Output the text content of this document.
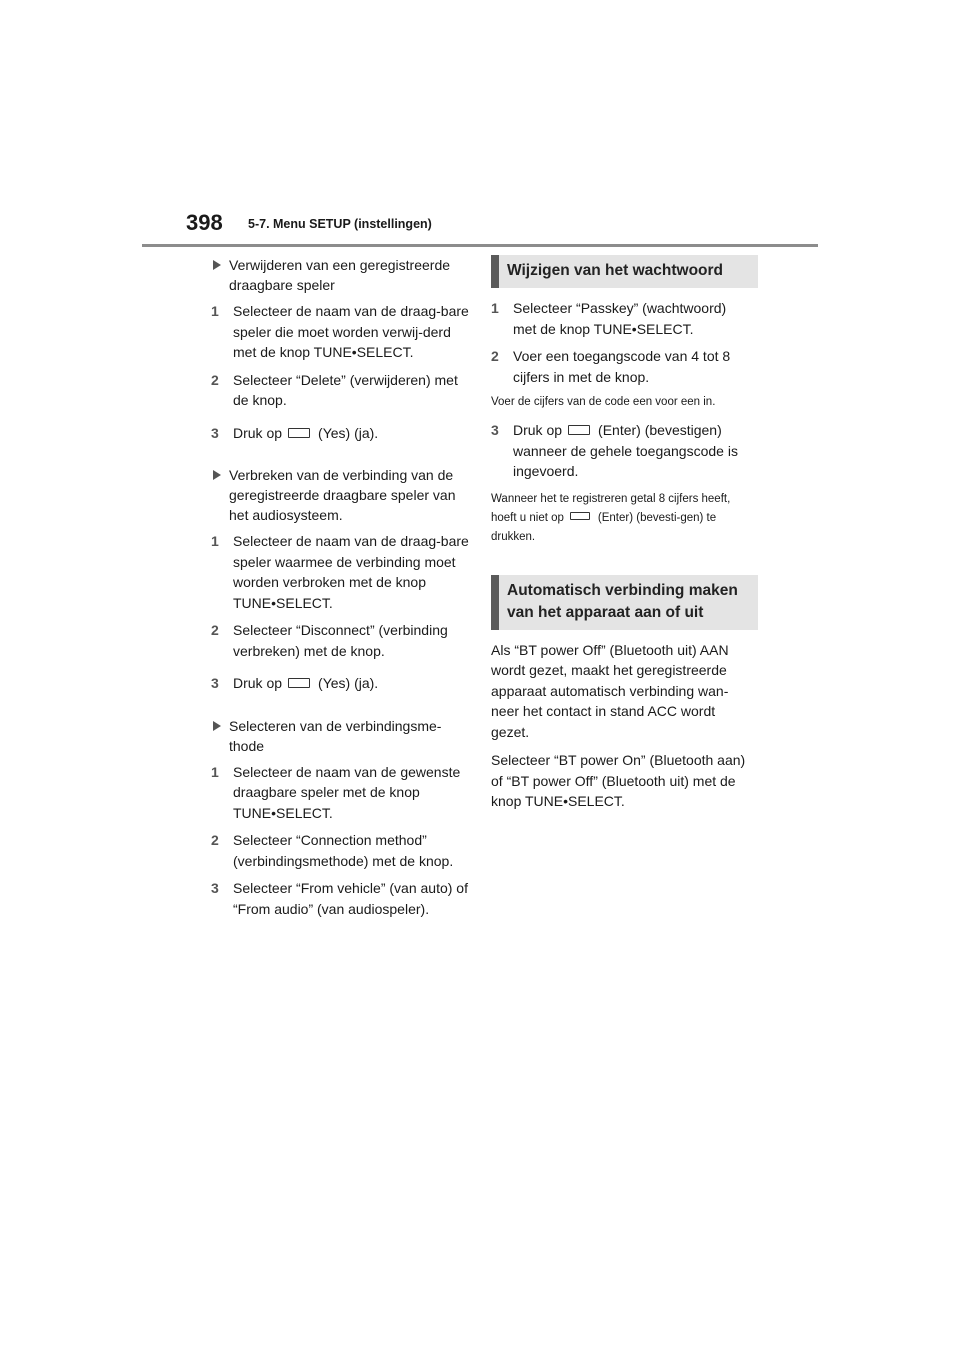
398 5-7. Menu SETUP (instellingen)
Verwijderen van een geregistreerde draagbare speler
1 Selecteer de naam van de draag-bare speler die moet worden verwij-derd met de knop TUNE•SELECT.
2 Selecteer “Delete” (verwijderen) met de knop.
3 Druk op	(Yes) (ja).
Verbreken van de verbinding van de geregistreerde draagbare speler van het audiosysteem.
1 Selecteer de naam van de draag-bare speler waarmee de verbinding moet worden verbroken met de knop TUNE•SELECT.
2 Selecteer “Disconnect” (verbinding verbreken) met de knop.
3 Druk op	(Yes) (ja).
Selecteren van de verbindingsme-thode
1 Selecteer de naam van de gewenste draagbare speler met de knop TUNE•SELECT.
2 Selecteer “Connection method” (verbindingsmethode) met de knop.
3 Selecteer “From vehicle” (van auto) of “From audio” (van audiospeler).
Wijzigen van het wachtwoord
1 Selecteer “Passkey” (wachtwoord) met de knop TUNE•SELECT.
2 Voer een toegangscode van 4 tot 8 cijfers in met de knop.
Voer de cijfers van de code een voor een in.
3 Druk op	(Enter) (bevestigen) wanneer de gehele toegangscode is ingevoerd.
Wanneer het te registreren getal 8 cijfers heeft, hoeft u niet op	(Enter) (bevesti-gen) te drukken.
Automatisch verbinding maken van het apparaat aan of uit
Als “BT power Off” (Bluetooth uit) AAN wordt gezet, maakt het geregistreerde apparaat automatisch verbinding wan-neer het contact in stand ACC wordt gezet.
Selecteer “BT power On” (Bluetooth aan) of “BT power Off” (Bluetooth uit) met de knop TUNE•SELECT.
